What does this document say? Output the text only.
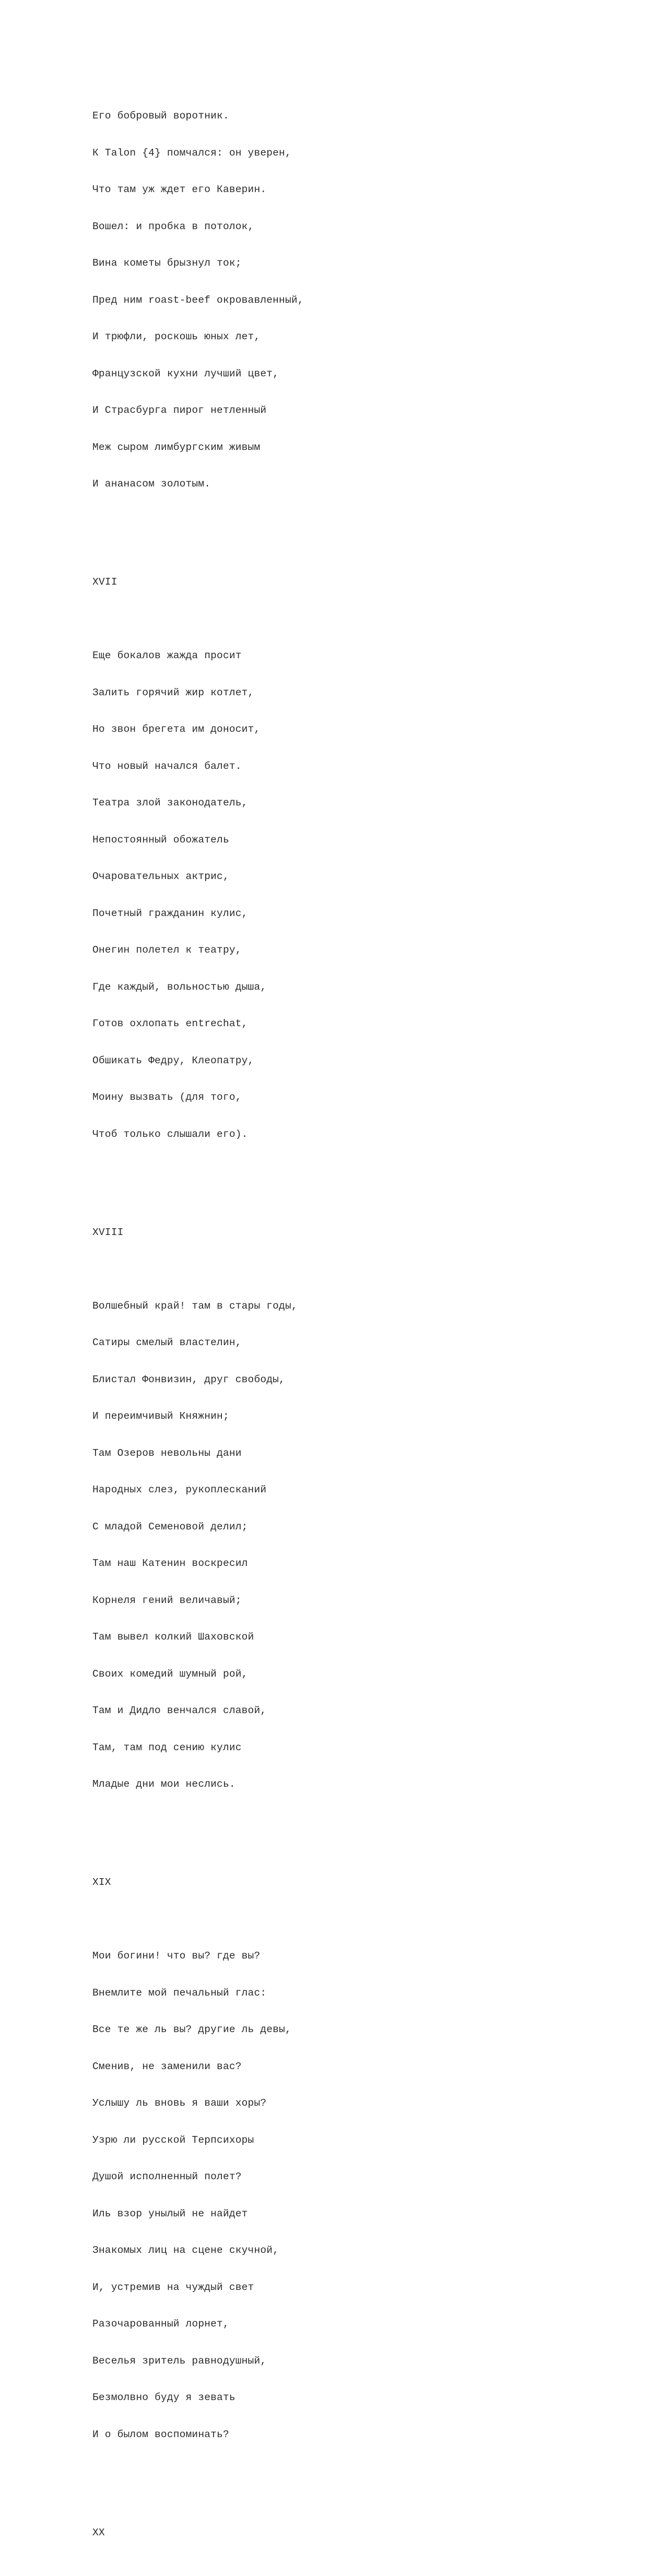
Его бобровый воротник.

К Talon {4} помчался: он уверен,

Что там уж ждет его Каверин.

Вошел: и пробка в потолок,

Вина кометы брызнул ток;

Пред ним roast-beef окровавленный,

И трюфли, роскошь юных лет,

Французской кухни лучший цвет,

И Страсбурга пирог нетленный

Меж сыром лимбургским живым

И ананасом золотым.

XVII

Еще бокалов жажда просит

Залить горячий жир котлет,

Но звон брегета им доносит,

Что новый начался балет.

Театра злой законодатель,

Непостоянный обожатель

Очаровательных актрис,

Почетный гражданин кулис,

Онегин полетел к театру,

Где каждый, вольностью дыша,

Готов охлопать entrechat,

Обшикать Федру, Клеопатру,

Моину вызвать (для того,

Чтоб только слышали его).

XVIII

Волшебный край! там в стары годы,

Сатиры смелый властелин,

Блистал Фонвизин, друг свободы,

И переимчивый Княжнин;

Там Озеров невольны дани

Народных слез, рукоплесканий

С младой Семеновой делил;

Там наш Катенин воскресил

Корнеля гений величавый;

Там вывел колкий Шаховской

Своих комедий шумный рой,

Там и Дидло венчался славой,

Там, там под сению кулис

Младые дни мои неслись.

XIX

Мои богини! что вы? где вы?

Внемлите мой печальный глас:

Все те же ль вы? другие ль девы,

Сменив, не заменили вас?

Услышу ль вновь я ваши хоры?

Узрю ли русской Терпсихоры

Душой исполненный полет?

Иль взор унылый не найдет

Знакомых лиц на сцене скучной,

И, устремив на чуждый свет

Разочарованный лорнет,

Веселья зритель равнодушный,

Безмолвно буду я зевать

И о былом воспоминать?

XX
